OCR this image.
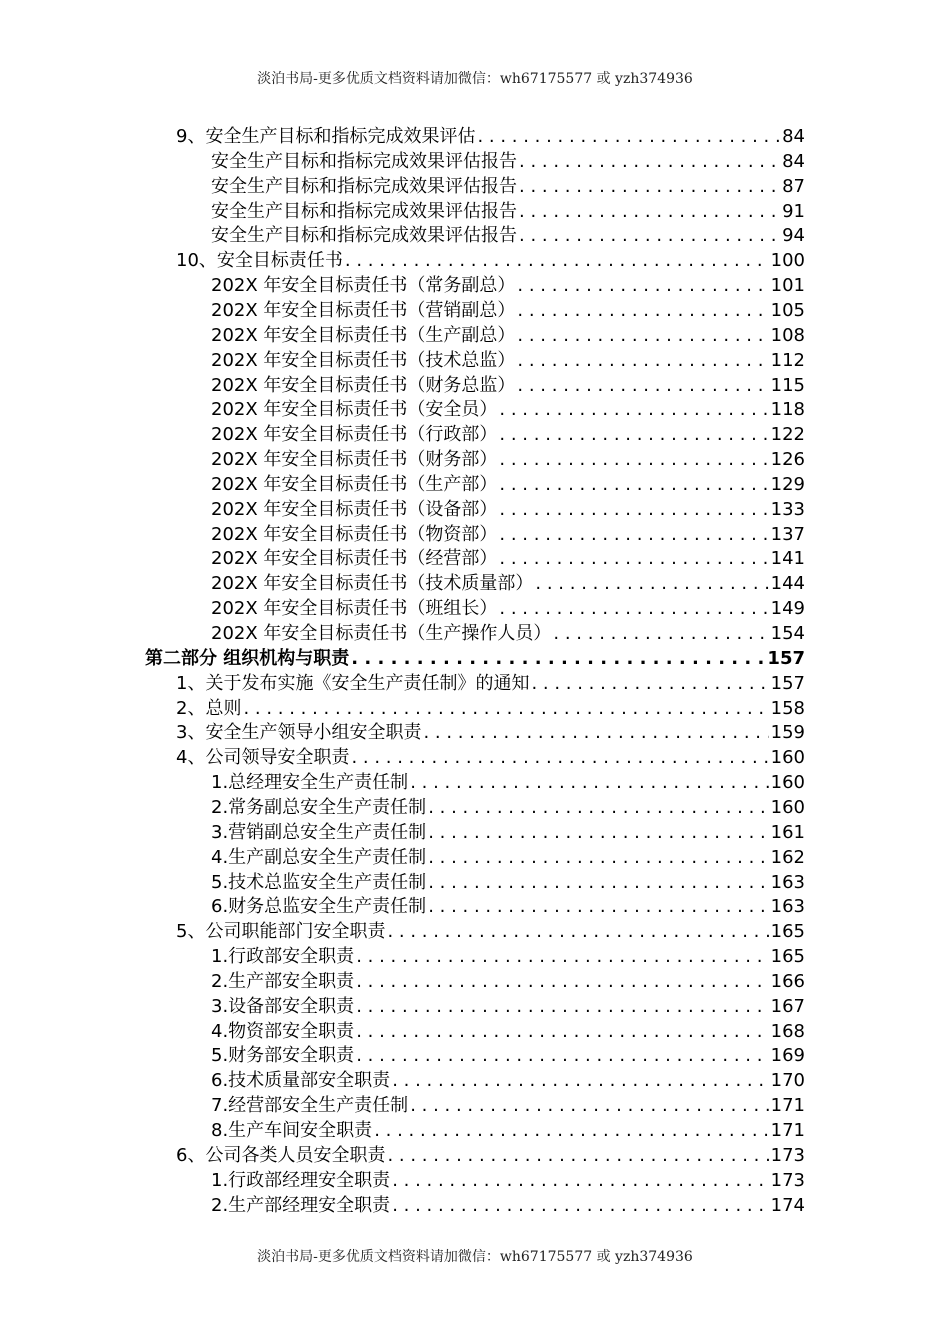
淡泊书局-更多优质文档资料请加微信：wh67175577 或 yzh374936
9、安全生产目标和指标完成效果评估 . . .	84
安全生产目标和指标完成效果评估报告 . . .	84
安全生产目标和指标完成效果评估报告 . . .	87
安全生产目标和指标完成效果评估报告 . . .	91
安全生产目标和指标完成效果评估报告 . . .	94
10、安全目标责任书 . . .	100
202X 年安全目标责任书（常务副总） . . .	101
202X 年安全目标责任书（营销副总） . . .	105
202X 年安全目标责任书（生产副总） . . .	108
202X 年安全目标责任书（技术总监） . . .	112
202X 年安全目标责任书（财务总监） . . .	115
202X 年安全目标责任书（安全员） . . .	118
202X 年安全目标责任书（行政部） . . .	122
202X 年安全目标责任书（财务部） . . .	126
202X 年安全目标责任书（生产部） . . .	129
202X 年安全目标责任书（设备部） . . .	133
202X 年安全目标责任书（物资部） . . .	137
202X 年安全目标责任书（经营部） . . .	141
202X 年安全目标责任书（技术质量部） . . .	144
202X 年安全目标责任书（班组长） . . .	149
202X 年安全目标责任书（生产操作人员） . . .	154
第二部分 组织机构与职责 . . .	157
1、关于发布实施《安全生产责任制》的通知 . . .	157
2、总则 . . .	158
3、安全生产领导小组安全职责 . . .	159
4、公司领导安全职责 . . .	160
1.总经理安全生产责任制 . . .	160
2.常务副总安全生产责任制 . . .	160
3.营销副总安全生产责任制 . . .	161
4.生产副总安全生产责任制 . . .	162
5.技术总监安全生产责任制 . . .	163
6.财务总监安全生产责任制 . . .	163
5、公司职能部门安全职责 . . .	165
1.行政部安全职责 . . .	165
2.生产部安全职责 . . .	166
3.设备部安全职责 . . .	167
4.物资部安全职责 . . .	168
5.财务部安全职责 . . .	169
6.技术质量部安全职责 . . .	170
7.经营部安全生产责任制 . . .	171
8.生产车间安全职责 . . .	171
6、公司各类人员安全职责 . . .	173
1.行政部经理安全职责 . . .	173
2.生产部经理安全职责 . . .	174
淡泊书局-更多优质文档资料请加微信：wh67175577 或 yzh374936
